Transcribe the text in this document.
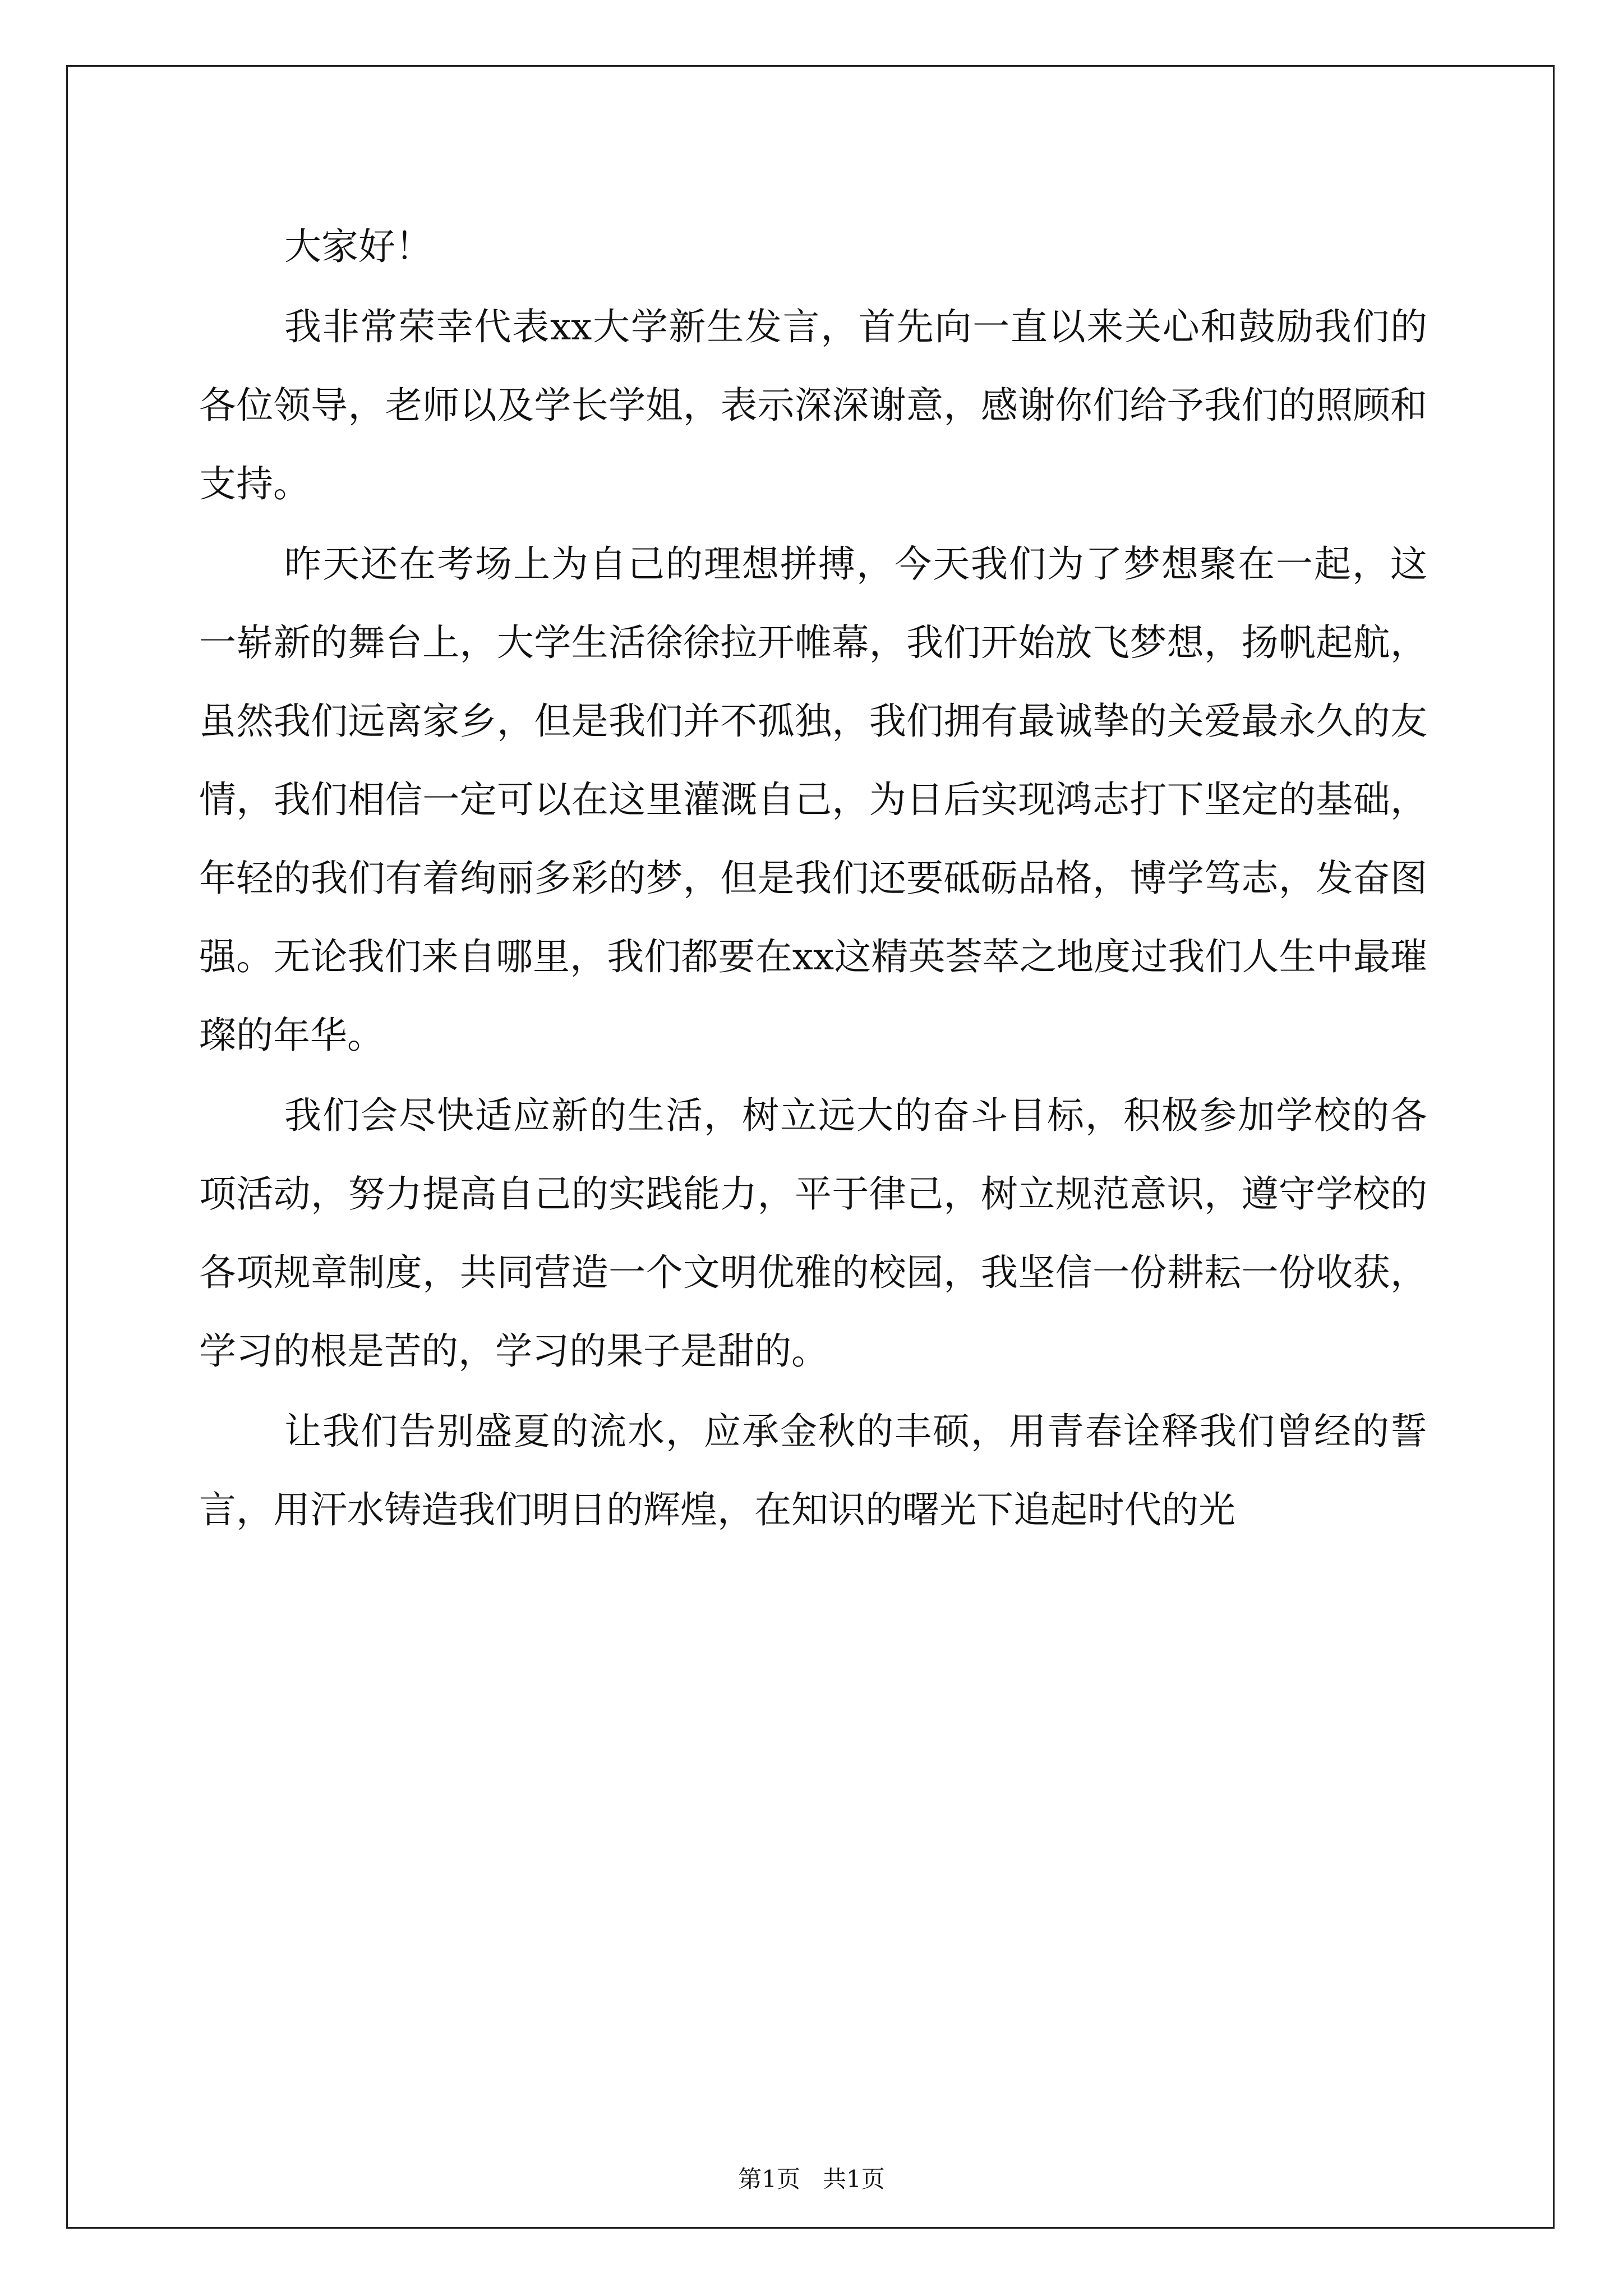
大家好！

我非常荣幸代表xx大学新生发言，首先向一直以来关心和鼓励我们的各位领导，老师以及学长学姐，表示深深谢意，感谢你们给予我们的照顾和支持。

昨天还在考场上为自己的理想拼搏，今天我们为了梦想聚在一起，这一崭新的舞台上，大学生活徐徐拉开帷幕，我们开始放飞梦想，扬帆起航，虽然我们远离家乡，但是我们并不孤独，我们拥有最诚挚的关爱最永久的友情，我们相信一定可以在这里灌溉自己，为日后实现鸿志打下坚定的基础，年轻的我们有着绚丽多彩的梦，但是我们还要砥砺品格，博学笃志，发奋图强。无论我们来自哪里，我们都要在xx这精英荟萃之地度过我们人生中最璀璨的年华。

我们会尽快适应新的生活，树立远大的奋斗目标，积极参加学校的各项活动，努力提高自己的实践能力，平于律己，树立规范意识，遵守学校的各项规章制度，共同营造一个文明优雅的校园，我坚信一份耕耘一份收获，学习的根是苦的，学习的果子是甜的。

让我们告别盛夏的流水，应承金秋的丰硕，用青春诠释我们曾经的誓言，用汗水铸造我们明日的辉煌，在知识的曙光下追起时代的光

第1页   共1页
